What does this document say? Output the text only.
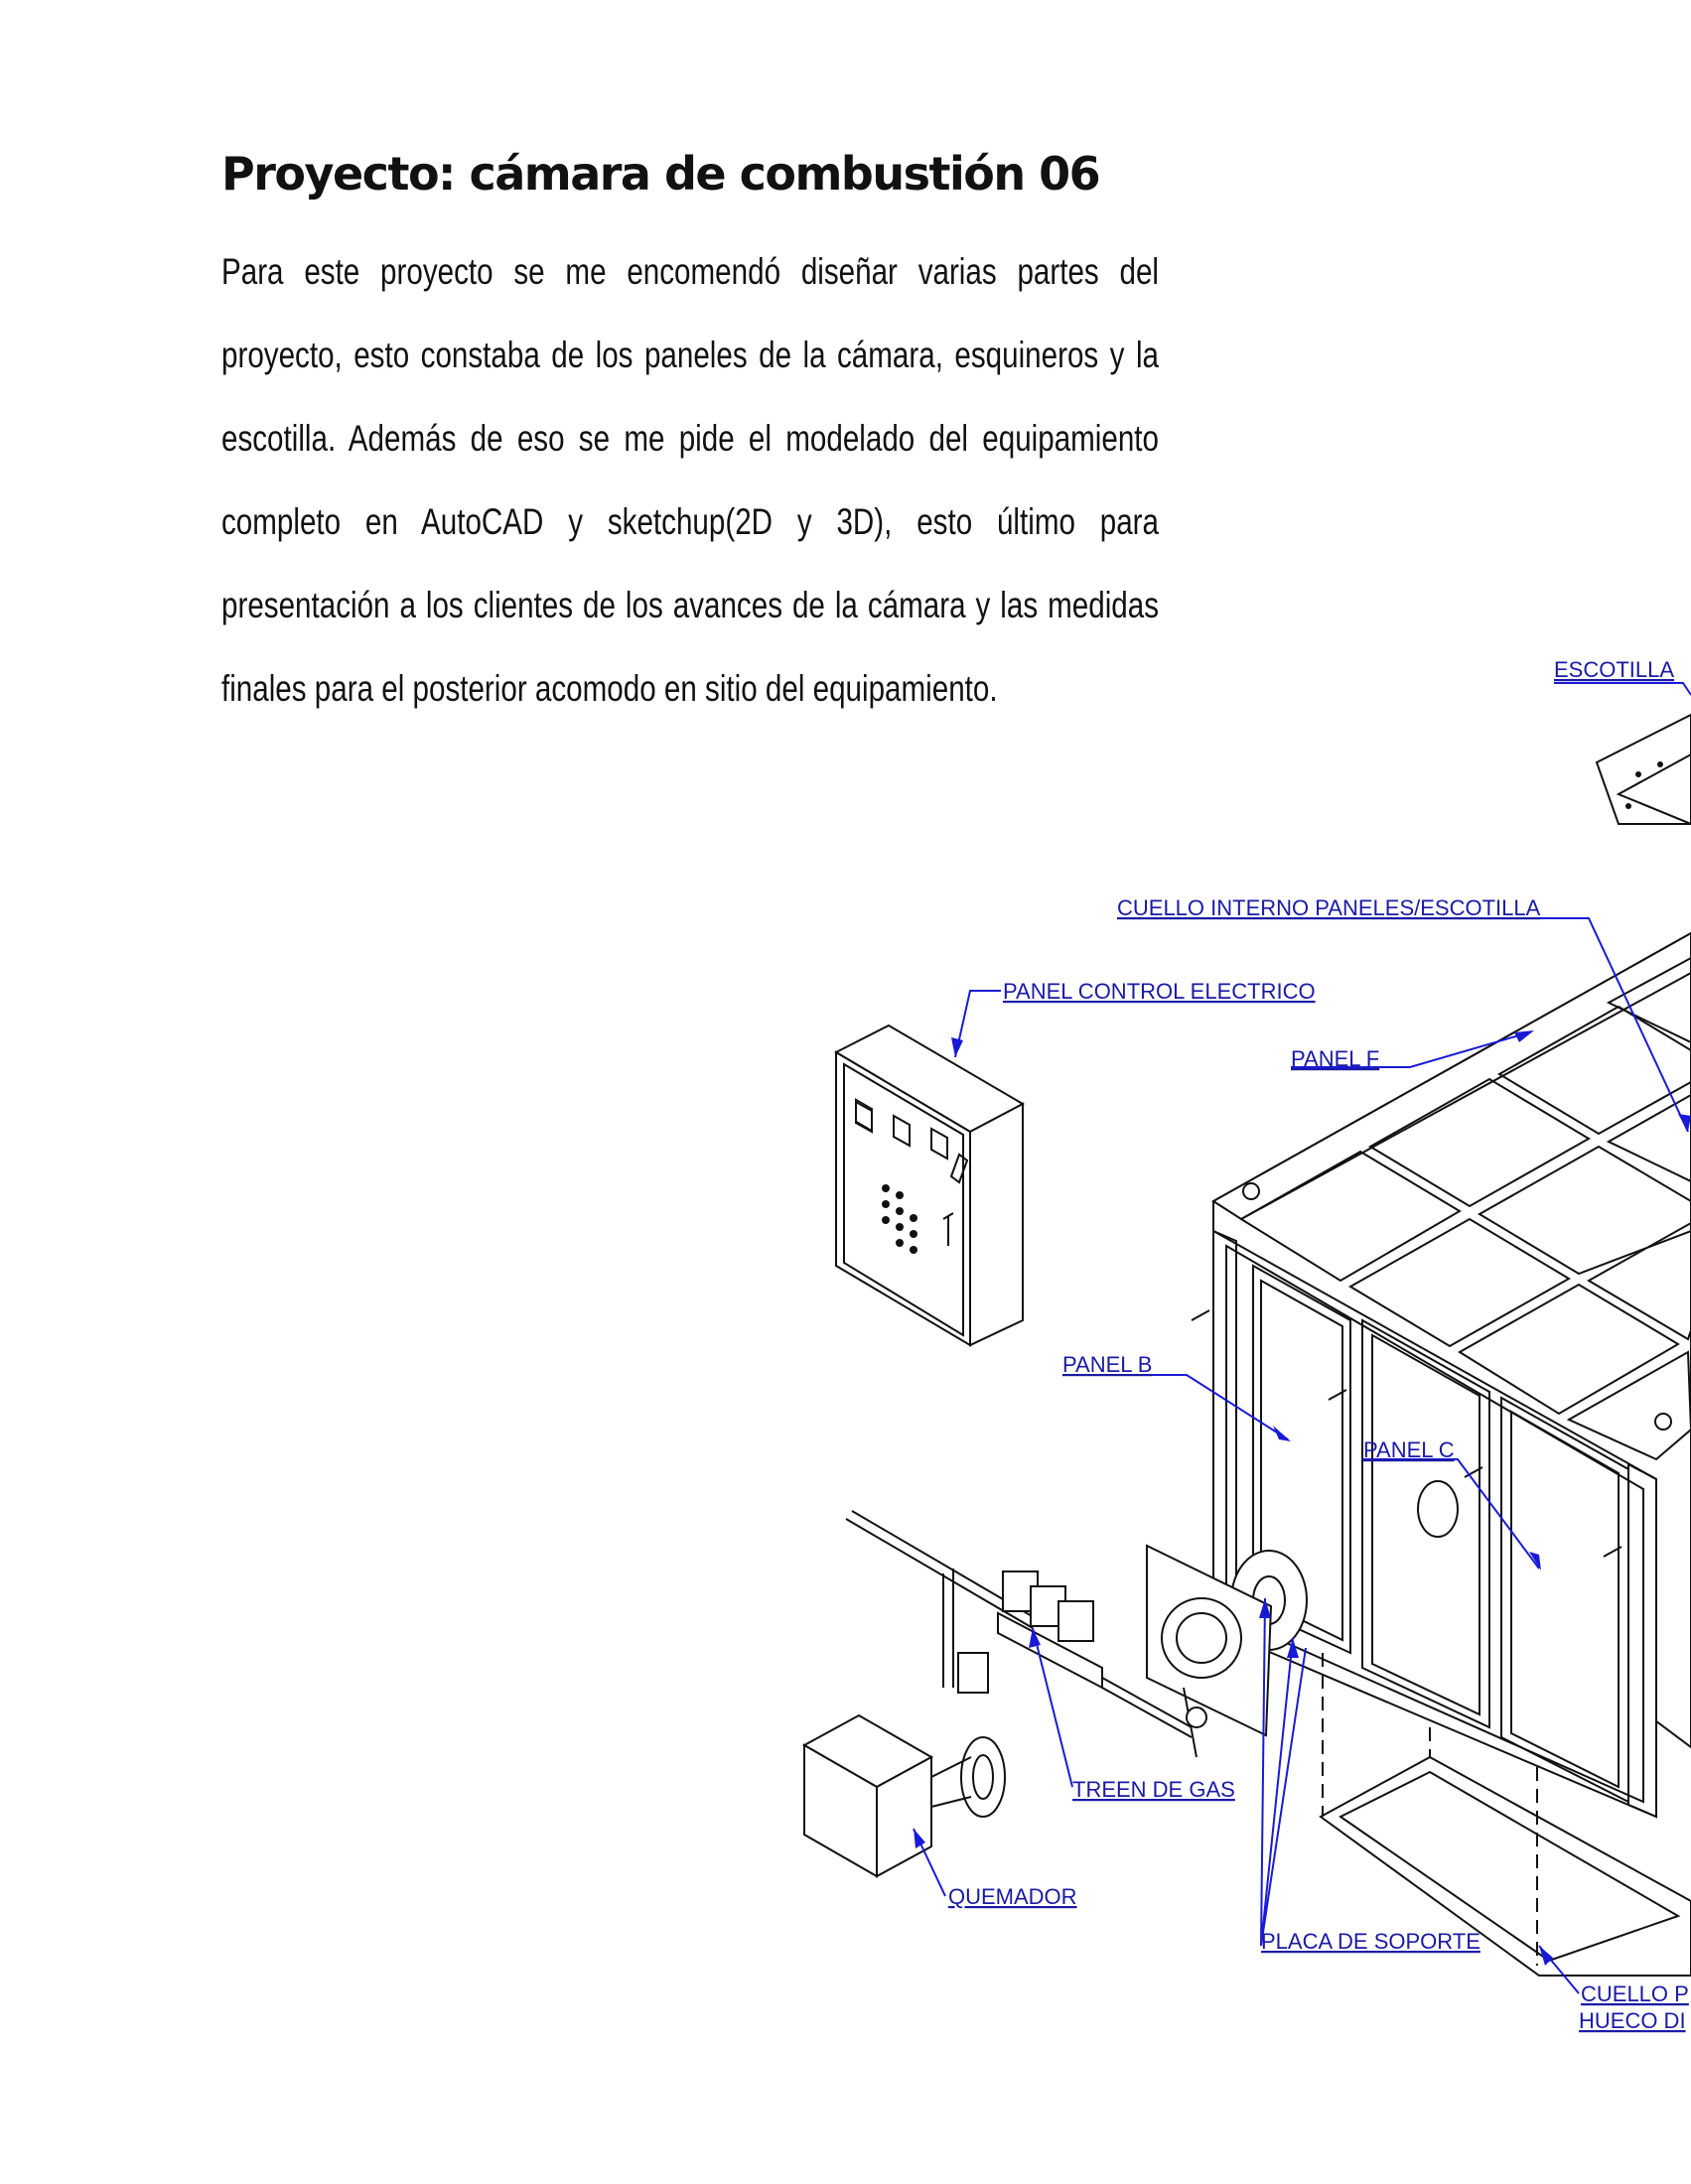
Proyecto: cámara de combustión 06

Para este proyecto se me encomendó diseñar varias partes del proyecto, esto constaba de los paneles de la cámara, esquineros y la escotilla. Además de eso se me pide el modelado del equipamiento completo en AutoCAD y sketchup(2D y 3D), esto último para presentación a los clientes de los avances de la cámara y las medidas finales para el posterior acomodo en sitio del equipamiento.	ESCOTILLA
CUELLO INTERNO PANELES/ESCOTILLA
PANEL CONTROL ELECTRICO
PANEL F
PANEL B
PANEL C
TREEN DE GAS
QUEMADOR
PLACA DE SOPORTE
CUELLO P
HUECO DI
